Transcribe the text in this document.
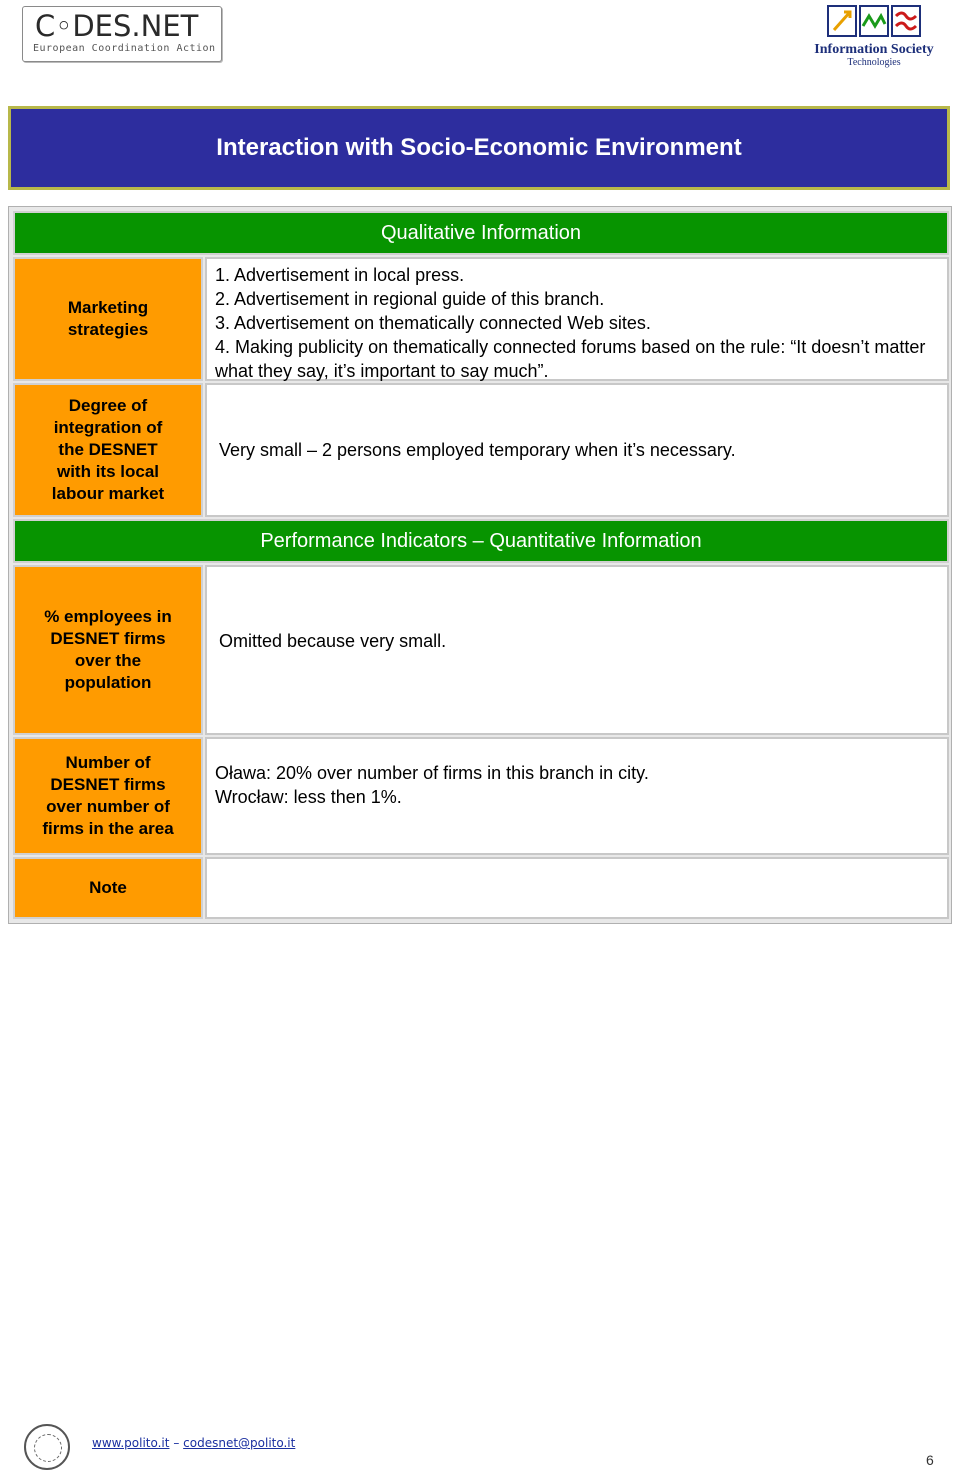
C◦DES.NET
European Coordination Action	Information Society
Technologies
Interaction with Socio-Economic Environment
Qualitative Information
Marketing strategies
1. Advertisement in local press.
2. Advertisement in regional guide of this branch.
3. Advertisement on thematically connected Web sites.
4. Making publicity on thematically connected forums based on the rule: “It doesn’t matter what they say, it’s important to say much”.
Degree of integration of the DESNET with its local labour market
Very small – 2 persons employed temporary when it’s necessary.
Performance Indicators – Quantitative Information
% employees in DESNET firms over the population
Omitted because very small.
Number of DESNET firms over number of firms in the area
Oława: 20% over number of firms in this branch in city.
Wrocław: less then 1%.
Note
www.polito.it – codesnet@polito.it
6
